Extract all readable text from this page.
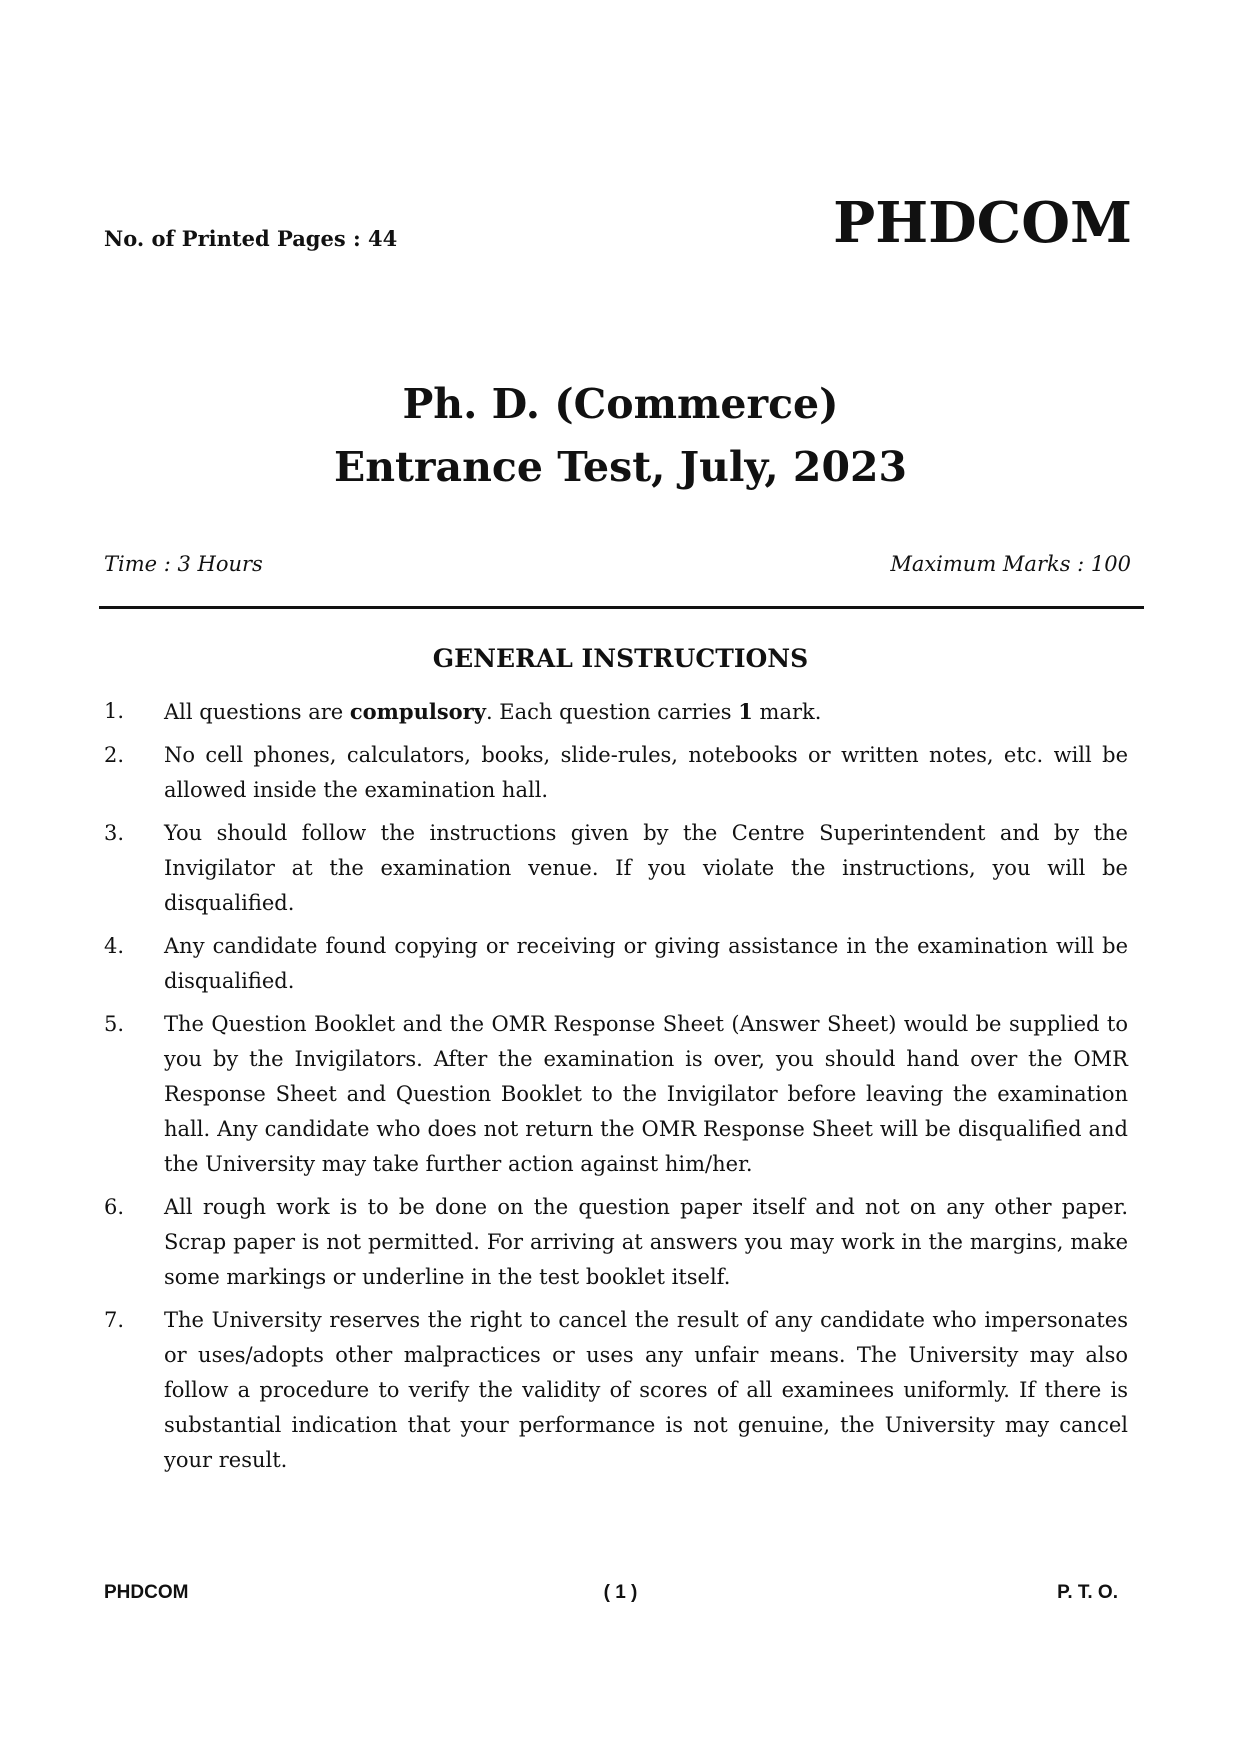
No. of Printed Pages : 44	PHDCOM
Ph. D. (Commerce)
Entrance Test, July, 2023
Time : 3 Hours	Maximum Marks : 100
GENERAL INSTRUCTIONS
1. All questions are compulsory. Each question carries 1 mark.
2. No cell phones, calculators, books, slide-rules, notebooks or written notes, etc. will be allowed inside the examination hall.
3. You should follow the instructions given by the Centre Superintendent and by the Invigilator at the examination venue. If you violate the instructions, you will be disqualified.
4. Any candidate found copying or receiving or giving assistance in the examination will be disqualified.
5. The Question Booklet and the OMR Response Sheet (Answer Sheet) would be supplied to you by the Invigilators. After the examination is over, you should hand over the OMR Response Sheet and Question Booklet to the Invigilator before leaving the examination hall. Any candidate who does not return the OMR Response Sheet will be disqualified and the University may take further action against him/her.
6. All rough work is to be done on the question paper itself and not on any other paper. Scrap paper is not permitted. For arriving at answers you may work in the margins, make some markings or underline in the test booklet itself.
7. The University reserves the right to cancel the result of any candidate who impersonates or uses/adopts other malpractices or uses any unfair means. The University may also follow a procedure to verify the validity of scores of all examinees uniformly. If there is substantial indication that your performance is not genuine, the University may cancel your result.
PHDCOM	( 1 )	P. T. O.
